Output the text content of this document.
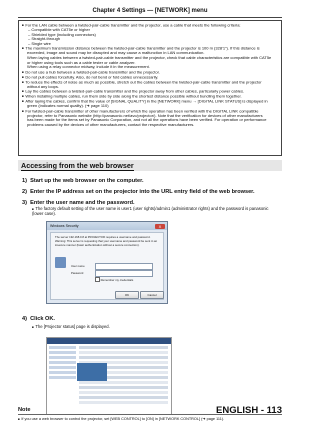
Chapter 4 Settings — [NETWORK] menu
■ For the LAN cable between a twisted-pair-cable transmitter and the projector, use a cable that meets the following criteria:
– Compatible with CAT5e or higher
– Shielded type (including connectors)
– Straight-through
– Single wire
■ The maximum transmission distance between the twisted-pair-cable transmitter and the projector is 100 m (328'1"). If this distance is
exceeded, image and sound may be disrupted and may cause a malfunction in LAN communication.
When laying cables between a twisted-pair-cable transmitter and the projector, check that cable characteristics are compatible with CAT5e
or higher using tools such as a cable tester or cable analyzer.
When using a relay connector midway, include it in the measurement.
■ Do not use a hub between a twisted-pair-cable transmitter and the projector.
■ Do not pull cables forcefully. Also, do not bend or fold cables unnecessarily.
■ To reduce the effects of noise as much as possible, stretch out the cables between the twisted-pair-cable transmitter and the projector
without any loops.
■ Lay the cables between a twisted-pair-cable transmitter and the projector away from other cables, particularly power cables.
■ When installing multiple cables, run them side by side along the shortest distance possible without bundling them together.
■ After laying the cables, confirm that the value of [SIGNAL QUALITY] in the [NETWORK] menu → [DIGITAL LINK STATUS] is displayed in
green (indicates normal quality). (➜ page 110)
■ For twisted-pair-cable transmitter of other manufacturers of which the operation has been verified with the DIGITAL LINK compatible
projector, refer to Panasonic website (http://panasonic.net/avc/projector/). Note that the verification for devices of other manufacturers
has been made for the items set by Panasonic Corporation, and not all the operations have been verified. For operation or performance
problems caused by the devices of other manufacturers, contact the respective manufacturers.
Accessing from the web browser
1) Start up the web browser on the computer.
2) Enter the IP address set on the projector into the URL entry field of the web browser.
3) Enter the user name and the password.
■ The factory default setting of the user name is user1 (user rights)/admin1 (administrator rights) and the password is panasonic (lower case).
Windows Security	X
The server 192.168.0.8 at PROJECTOR requires a username and password.
Warning: This server is requesting that your username and password be sent in an insecure manner (basic authentication without a secure connection).
User name
Password
Remember my credentials
OK	Cancel
4) Click OK.
■ The [Projector status] page is displayed.
Note	ENGLISH - 113
■ If you use a web browser to control the projector, set [WEB CONTROL] to [ON] in [NETWORK CONTROL] (➜ page 111).
